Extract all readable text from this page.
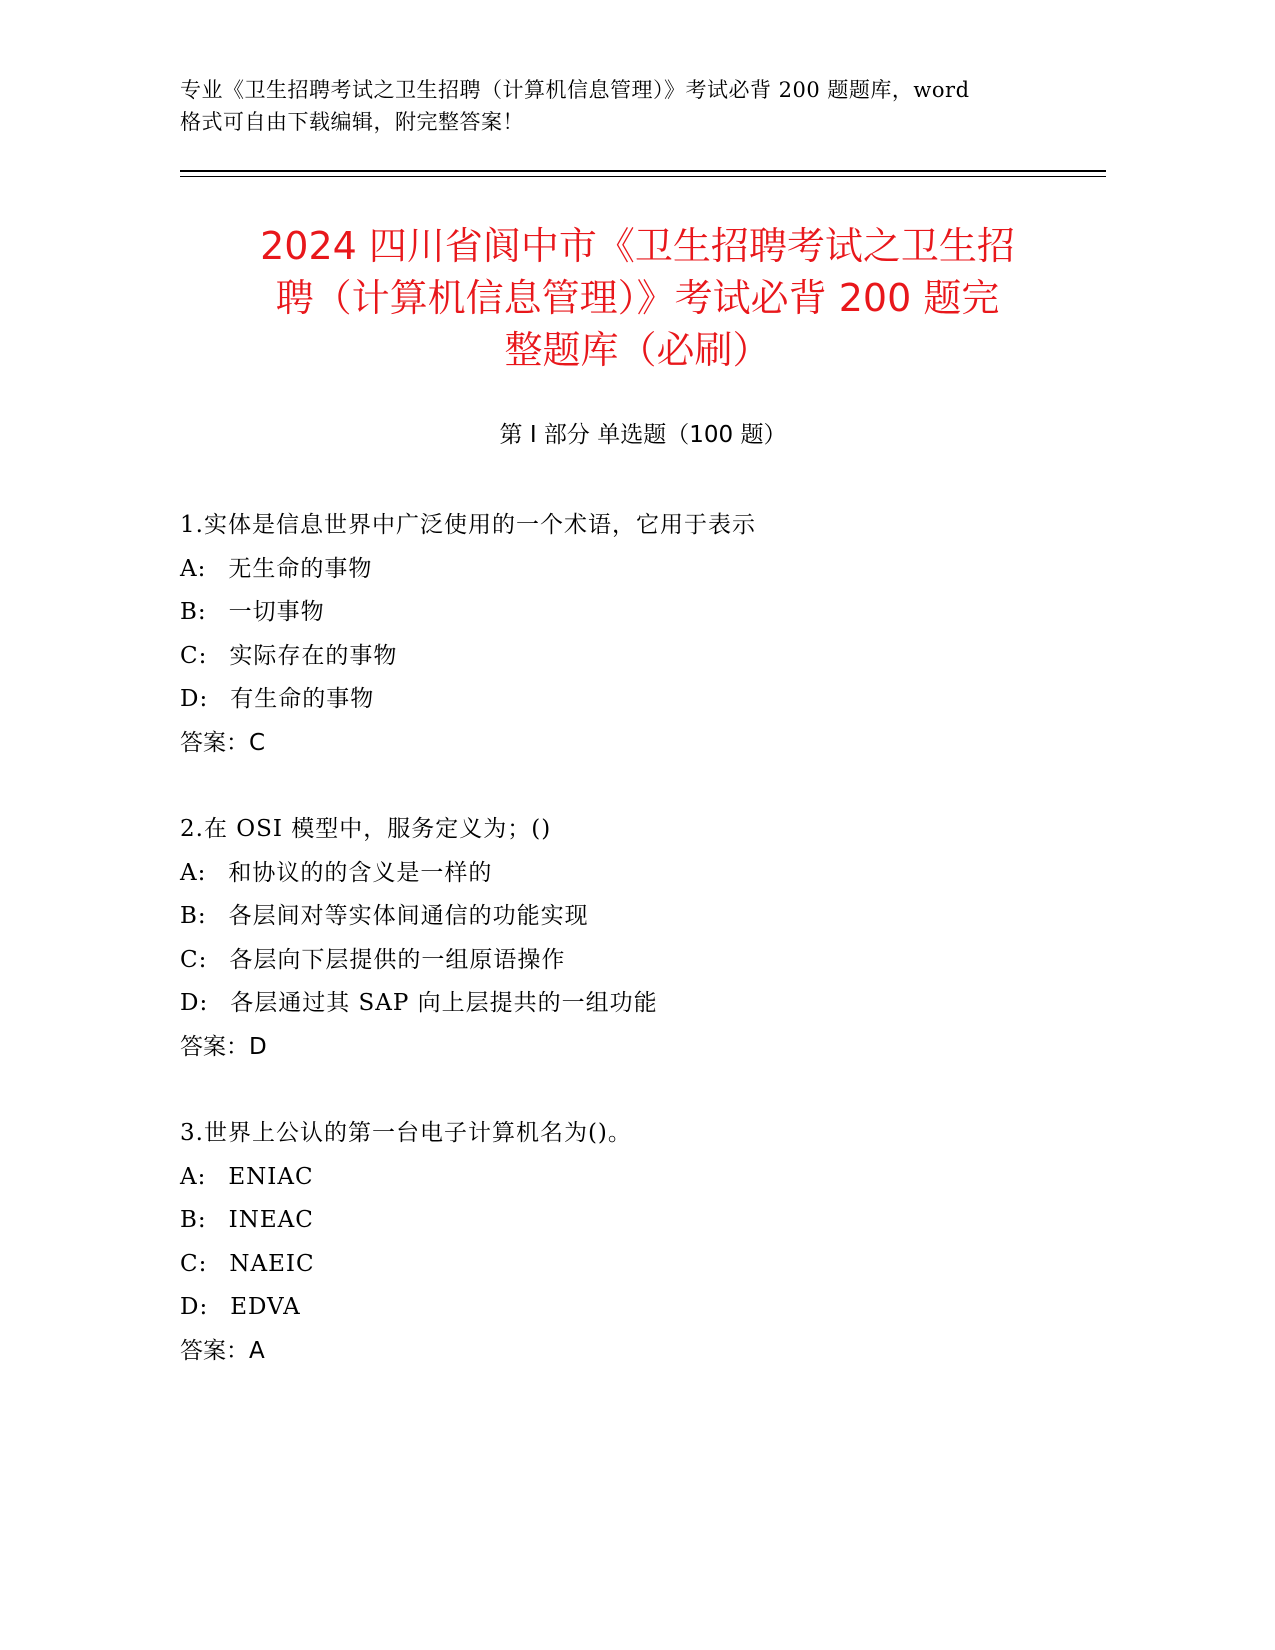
专业《卫生招聘考试之卫生招聘（计算机信息管理）》考试必背 200 题题库，word
格式可自由下载编辑，附完整答案！
2024 四川省阆中市《卫生招聘考试之卫生招
聘（计算机信息管理）》考试必背 200 题完
整题库（必刷）
第 I 部分 单选题（100 题）
1.实体是信息世界中广泛使用的一个术语，它用于表示
A: 无生命的事物
B: 一切事物
C: 实际存在的事物
D: 有生命的事物
答案：C
2.在 OSI 模型中，服务定义为；()
A: 和协议的的含义是一样的
B: 各层间对等实体间通信的功能实现
C: 各层向下层提供的一组原语操作
D: 各层通过其 SAP 向上层提共的一组功能
答案：D
3.世界上公认的第一台电子计算机名为()。
A: ENIAC
B: INEAC
C: NAEIC
D: EDVA
答案：A
